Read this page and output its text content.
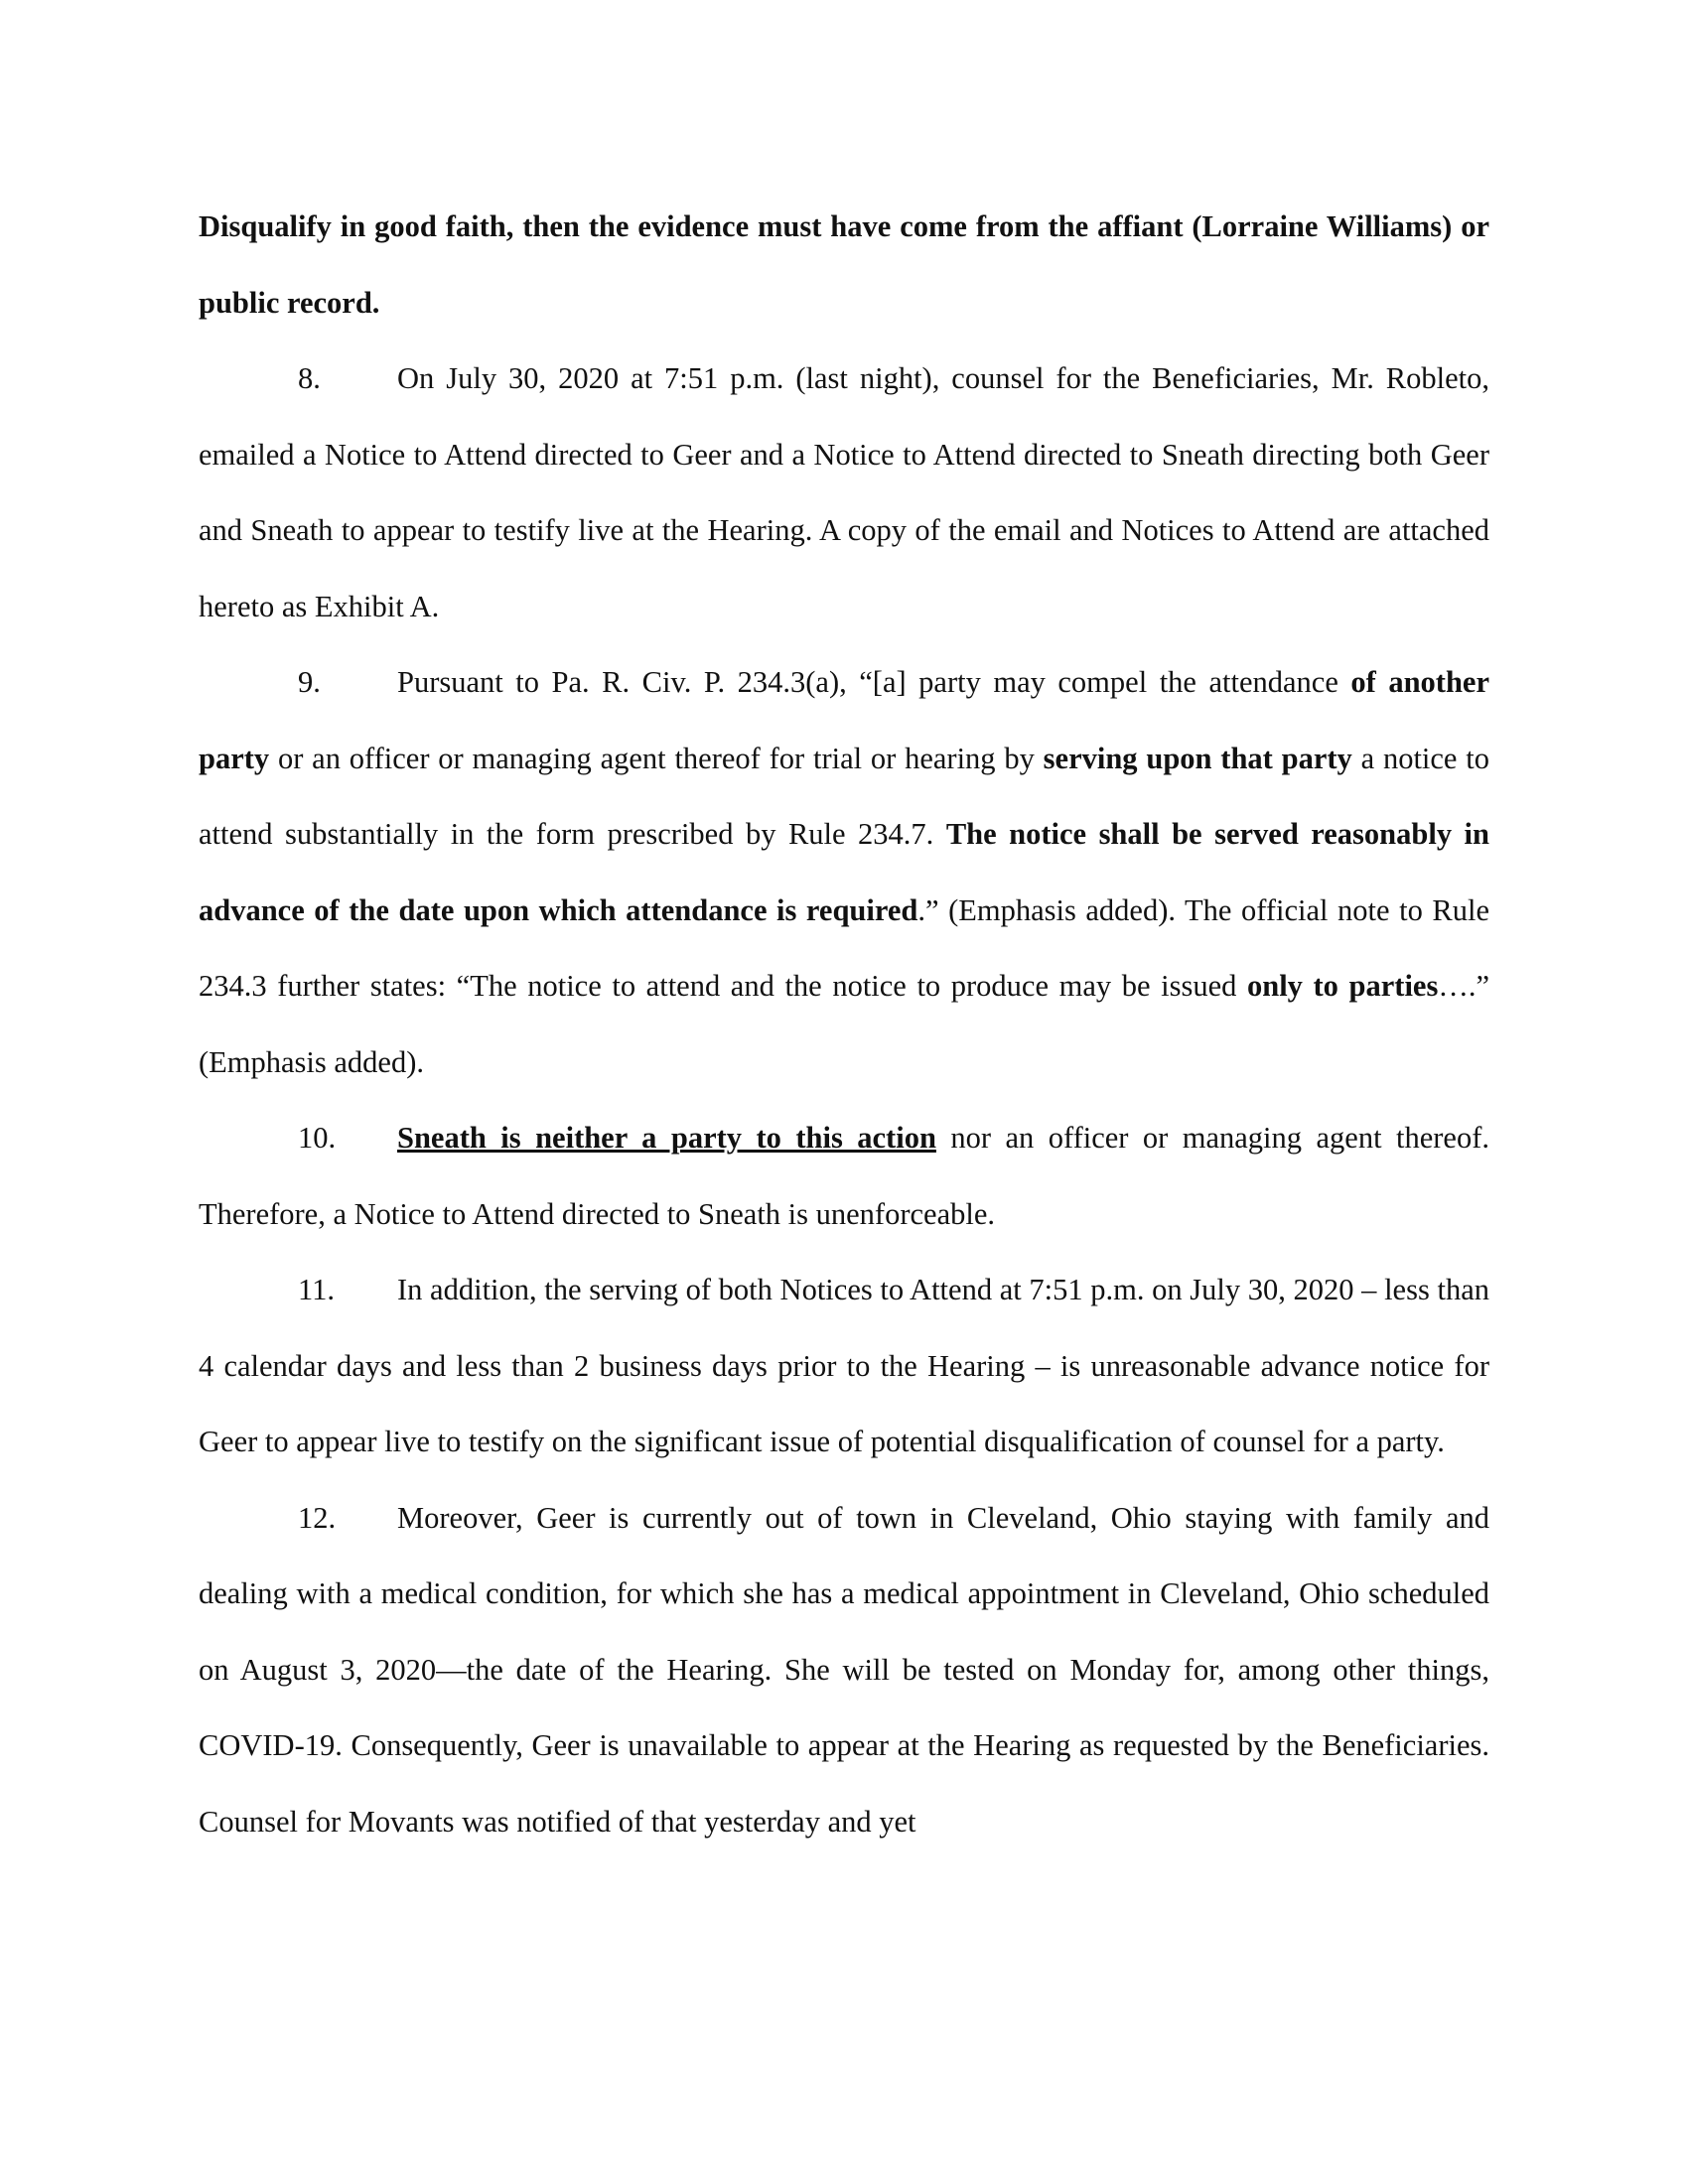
Disqualify in good faith, then the evidence must have come from the affiant (Lorraine Williams) or public record.

8.	On July 30, 2020 at 7:51 p.m. (last night), counsel for the Beneficiaries, Mr. Robleto, emailed a Notice to Attend directed to Geer and a Notice to Attend directed to Sneath directing both Geer and Sneath to appear to testify live at the Hearing. A copy of the email and Notices to Attend are attached hereto as Exhibit A.

9.	Pursuant to Pa. R. Civ. P. 234.3(a), “[a] party may compel the attendance of another party or an officer or managing agent thereof for trial or hearing by serving upon that party a notice to attend substantially in the form prescribed by Rule 234.7. The notice shall be served reasonably in advance of the date upon which attendance is required.” (Emphasis added). The official note to Rule 234.3 further states: “The notice to attend and the notice to produce may be issued only to parties….” (Emphasis added).

10. Sneath is neither a party to this action nor an officer or managing agent thereof. Therefore, a Notice to Attend directed to Sneath is unenforceable.

11. In addition, the serving of both Notices to Attend at 7:51 p.m. on July 30, 2020 – less than 4 calendar days and less than 2 business days prior to the Hearing – is unreasonable advance notice for Geer to appear live to testify on the significant issue of potential disqualification of counsel for a party.

12. Moreover, Geer is currently out of town in Cleveland, Ohio staying with family and dealing with a medical condition, for which she has a medical appointment in Cleveland, Ohio scheduled on August 3, 2020—the date of the Hearing. She will be tested on Monday for, among other things, COVID-19. Consequently, Geer is unavailable to appear at the Hearing as requested by the Beneficiaries. Counsel for Movants was notified of that yesterday and yet
